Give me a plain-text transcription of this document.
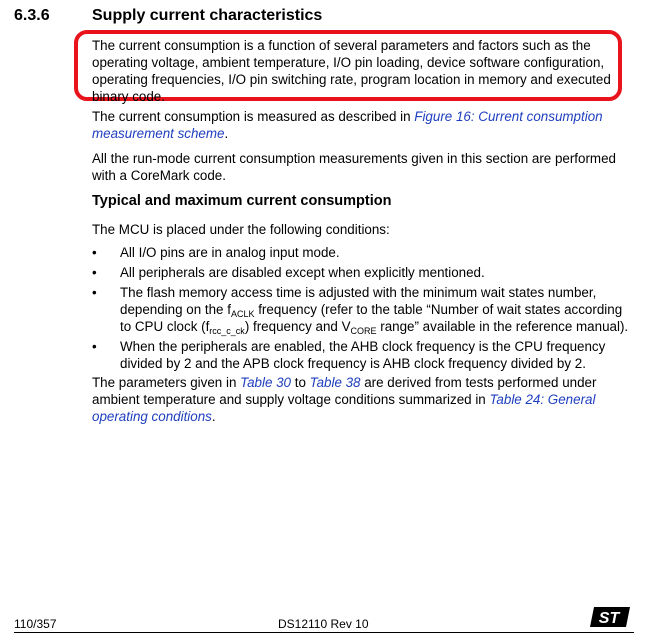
6.3.6	Supply current characteristics
The current consumption is a function of several parameters and factors such as the
operating voltage, ambient temperature, I/O pin loading, device software configuration,
operating frequencies, I/O pin switching rate, program location in memory and executed
binary code.
The current consumption is measured as described in Figure 16: Current consumption measurement scheme.
All the run-mode current consumption measurements given in this section are performed with a CoreMark code.
Typical and maximum current consumption
The MCU is placed under the following conditions:
• All I/O pins are in analog input mode.
• All peripherals are disabled except when explicitly mentioned.
• The flash memory access time is adjusted with the minimum wait states number, depending on the $f_{ACLK}$ frequency (refer to the table “Number of wait states according to CPU clock $(f_{rcc\_c\_ck})$ frequency and $V_{CORE}$ range” available in the reference manual).
• When the peripherals are enabled, the AHB clock frequency is the CPU frequency divided by 2 and the APB clock frequency is AHB clock frequency divided by 2.
The parameters given in Table 30 to Table 38 are derived from tests performed under ambient temperature and supply voltage conditions summarized in Table 24: General operating conditions.
110/357	DS12110 Rev 10	ST
